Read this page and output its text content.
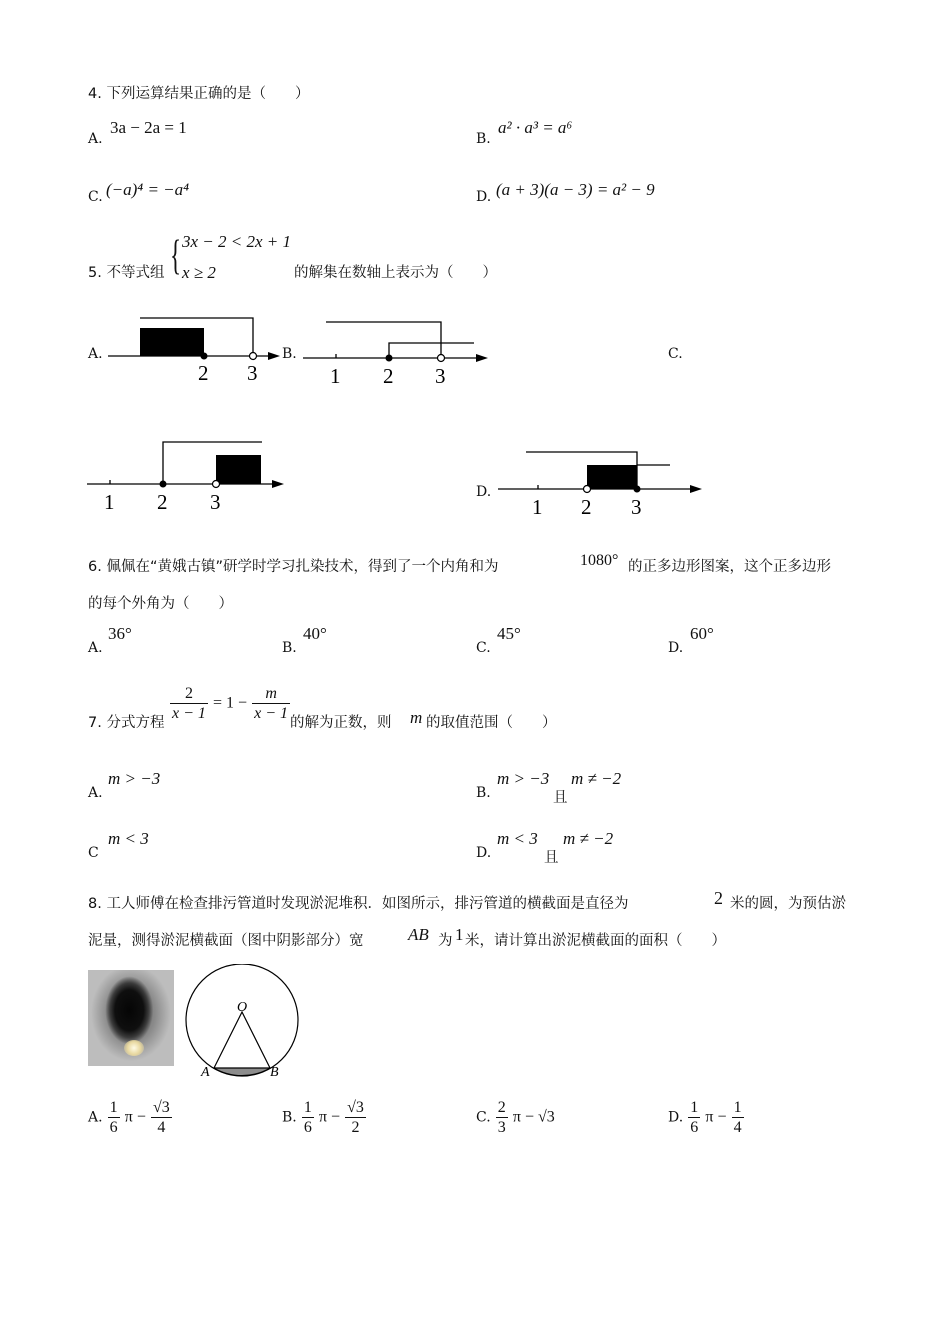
4. 下列运算结果正确的是（　　）
A.
3a − 2a = 1
B.
a² · a³ = a⁶
C. (−a)⁴ = −a⁴	D. (a + 3)(a − 3) = a² − 9
5. 不等式组 { 3x − 2 < 2x + 1
x ≥ 2	的解集在数轴上表示为（　　）
A.
2 3
B.
1 2 3
C.
1 2 3	D.
1 2 3
6. 佩佩在“黄娥古镇”研学时学习扎染技术，得到了一个内角和为	1080° 的正多边形图案，这个正多边形
的每个外角为（　　）
A.
36°
B.
40°
C.
45°
D.
60°
7. 分式方程 $\frac{2}{x - 1} = 1 - \frac{m}{x - 1}$ 的解为正数，则 m 的取值范围（　　）
A.
m > −3
B.
m > −3
且
m ≠ −2
C
m < 3
D.
m < 3
且
m ≠ −2
8. 工人师傅在检查排污管道时发现淤泥堆积．如图所示，排污管道的横截面是直径为	2 米的圆，为预估淤
泥量，测得淤泥横截面（图中阴影部分）宽	AB 为 1 米，请计算出淤泥横截面的面积（　　）
O
A	B
A. $\frac{1}{6}$ $\pi - \frac{√3}{4}$	B. $\frac{1}{6}$ $\pi - \frac{√3}{2}$	C. $\frac{2}{3}$ π − √3	D. $\frac{1}{6}$ $\pi - \frac{1}{4}$
